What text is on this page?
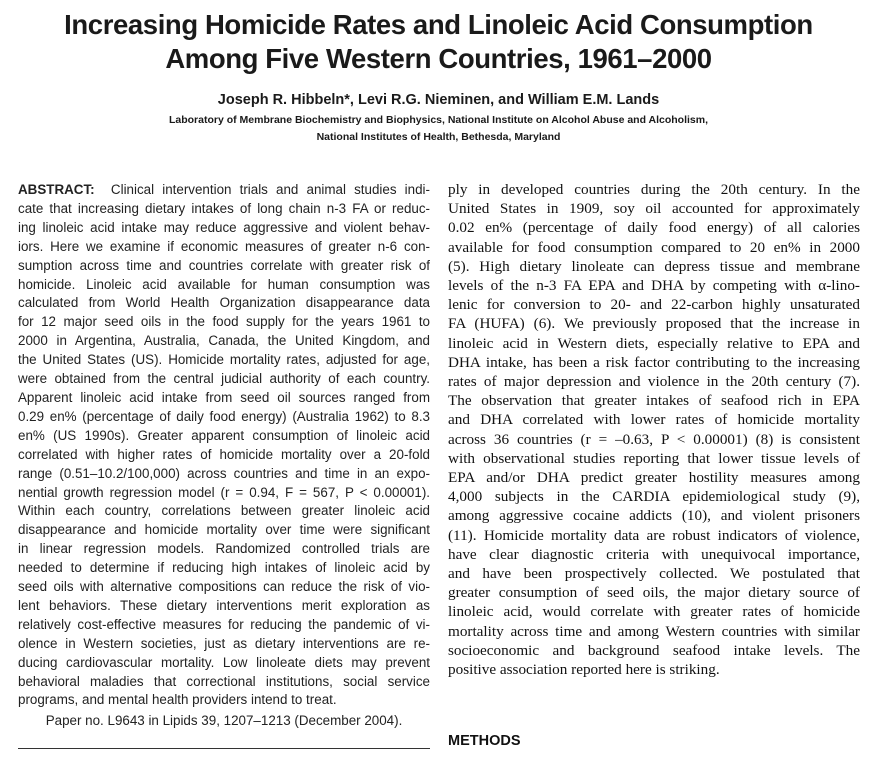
Increasing Homicide Rates and Linoleic Acid Consumption
Among Five Western Countries, 1961–2000
Joseph R. Hibbeln*, Levi R.G. Nieminen, and William E.M. Lands
Laboratory of Membrane Biochemistry and Biophysics, National Institute on Alcohol Abuse and Alcoholism,
National Institutes of Health, Bethesda, Maryland
ABSTRACT:  Clinical intervention trials and animal studies indi-
cate that increasing dietary intakes of long chain n-3 FA or reduc-
ing linoleic acid intake may reduce aggressive and violent behav-
iors. Here we examine if economic measures of greater n-6 con-
sumption across time and countries correlate with greater risk of
homicide. Linoleic acid available for human consumption was
calculated from World Health Organization disappearance data
for 12 major seed oils in the food supply for the years 1961 to
2000 in Argentina, Australia, Canada, the United Kingdom, and
the United States (US). Homicide mortality rates, adjusted for age,
were obtained from the central judicial authority of each country.
Apparent linoleic acid intake from seed oil sources ranged from
0.29 en% (percentage of daily food energy) (Australia 1962) to 8.3
en% (US 1990s). Greater apparent consumption of linoleic acid
correlated with higher rates of homicide mortality over a 20-fold
range (0.51–10.2/100,000) across countries and time in an expo-
nential growth regression model (r = 0.94, F = 567, P < 0.00001).
Within each country, correlations between greater linoleic acid
disappearance and homicide mortality over time were significant
in linear regression models. Randomized controlled trials are
needed to determine if reducing high intakes of linoleic acid by
seed oils with alternative compositions can reduce the risk of vio-
lent behaviors. These dietary interventions merit exploration as
relatively cost-effective measures for reducing the pandemic of vi-
olence in Western societies, just as dietary interventions are re-
ducing cardiovascular mortality. Low linoleate diets may prevent
behavioral maladies that correctional institutions, social service
programs, and mental health providers intend to treat.
Paper no. L9643 in Lipids 39, 1207–1213 (December 2004).
ply in developed countries during the 20th century. In the
United States in 1909, soy oil accounted for approximately
0.02 en% (percentage of daily food energy) of all calories
available for food consumption compared to 20 en% in 2000
(5). High dietary linoleate can depress tissue and membrane
levels of the n-3 FA EPA and DHA by competing with α-lino-
lenic for conversion to 20- and 22-carbon highly unsaturated
FA (HUFA) (6). We previously proposed that the increase in
linoleic acid in Western diets, especially relative to EPA and
DHA intake, has been a risk factor contributing to the increasing
rates of major depression and violence in the 20th century (7).
The observation that greater intakes of seafood rich in EPA
and DHA correlated with lower rates of homicide mortality
across 36 countries (r = –0.63, P < 0.00001) (8) is consistent
with observational studies reporting that lower tissue levels of
EPA and/or DHA predict greater hostility measures among
4,000 subjects in the CARDIA epidemiological study (9),
among aggressive cocaine addicts (10), and violent prisoners
(11). Homicide mortality data are robust indicators of violence,
have clear diagnostic criteria with unequivocal importance,
and have been prospectively collected. We postulated that
greater consumption of seed oils, the major dietary source of
linoleic acid, would correlate with greater rates of homicide
mortality across time and among Western countries with similar
socioeconomic and background seafood intake levels. The
positive association reported here is striking.
METHODS
